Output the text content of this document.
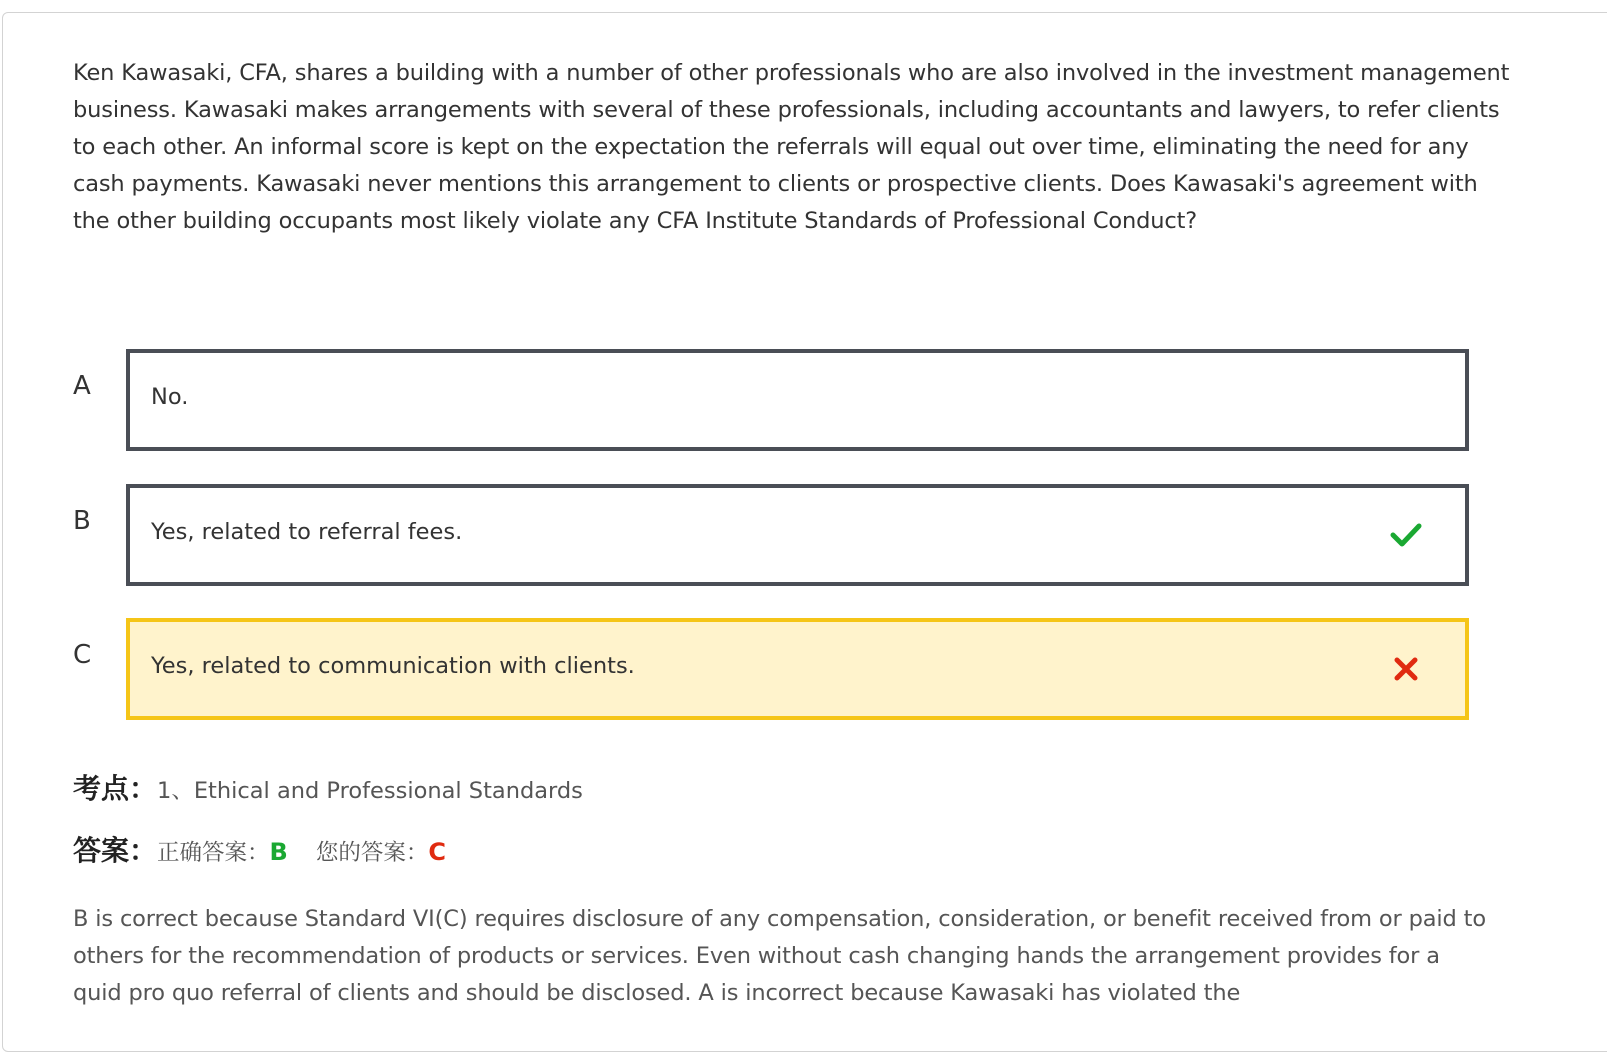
Ken Kawasaki, CFA, shares a building with a number of other professionals who are also involved in the investment management business. Kawasaki makes arrangements with several of these professionals, including accountants and lawyers, to refer clients to each other. An informal score is kept on the expectation the referrals will equal out over time, eliminating the need for any cash payments. Kawasaki never mentions this arrangement to clients or prospective clients. Does Kawasaki's agreement with the other building occupants most likely violate any CFA Institute Standards of Professional Conduct?

A	No.
B	Yes, related to referral fees.
C	Yes, related to communication with clients.
考点：1、Ethical and Professional Standards
答案：正确答案：B 您的答案：C

B is correct because Standard VI(C) requires disclosure of any compensation, consideration, or benefit received from or paid to others for the recommendation of products or services. Even without cash changing hands the arrangement provides for a quid pro quo referral of clients and should be disclosed. A is incorrect because Kawasaki has violated the
